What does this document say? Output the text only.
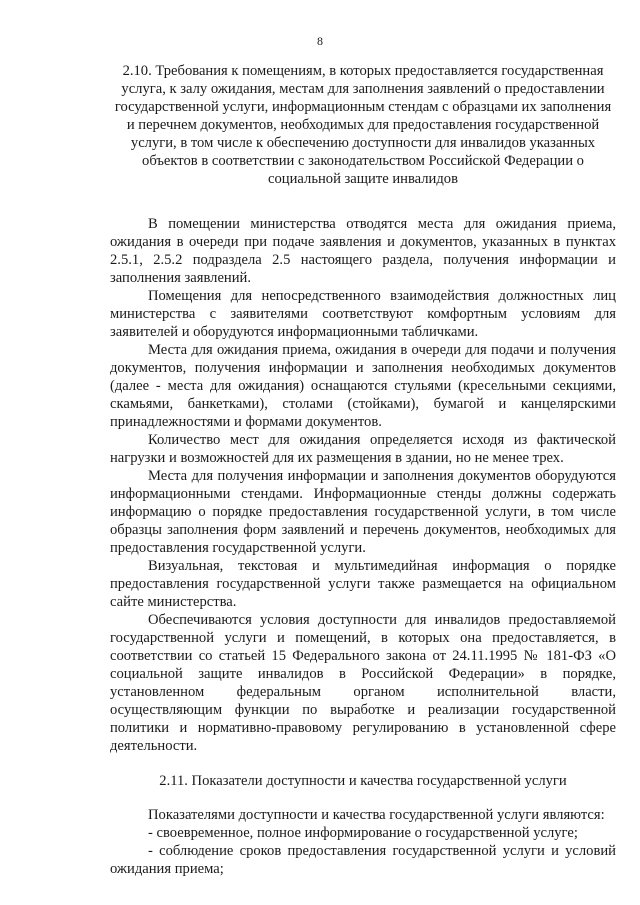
8

2.10. Требования к помещениям, в которых предоставляется государственная услуга, к залу ожидания, местам для заполнения заявлений о предоставлении государственной услуги, информационным стендам с образцами их заполнения и перечнем документов, необходимых для предоставления государственной услуги, в том числе к обеспечению доступности для инвалидов указанных объектов в соответствии с законодательством Российской Федерации о социальной защите инвалидов

В помещении министерства отводятся места для ожидания приема, ожидания в очереди при подаче заявления и документов, указанных в пунктах 2.5.1, 2.5.2 подраздела 2.5 настоящего раздела, получения информации и заполнения заявлений.

Помещения для непосредственного взаимодействия должностных лиц министерства с заявителями соответствуют комфортным условиям для заявителей и оборудуются информационными табличками.

Места для ожидания приема, ожидания в очереди для подачи и получения документов, получения информации и заполнения необходимых документов (далее - места для ожидания) оснащаются стульями (кресельными секциями, скамьями, банкетками), столами (стойками), бумагой и канцелярскими принадлежностями и формами документов.

Количество мест для ожидания определяется исходя из фактической нагрузки и возможностей для их размещения в здании, но не менее трех.

Места для получения информации и заполнения документов оборудуются информационными стендами. Информационные стенды должны содержать информацию о порядке предоставления государственной услуги, в том числе образцы заполнения форм заявлений и перечень документов, необходимых для предоставления государственной услуги.

Визуальная, текстовая и мультимедийная информация о порядке предоставления государственной услуги также размещается на официальном сайте министерства.

Обеспечиваются условия доступности для инвалидов предоставляемой государственной услуги и помещений, в которых она предоставляется, в соответствии со статьей 15 Федерального закона от 24.11.1995 № 181-ФЗ «О социальной защите инвалидов в Российской Федерации» в порядке, установленном федеральным органом исполнительной власти, осуществляющим функции по выработке и реализации государственной политики и нормативно-правовому регулированию в установленной сфере деятельности.

2.11. Показатели доступности и качества государственной услуги

Показателями доступности и качества государственной услуги являются:

- своевременное, полное информирование о государственной услуге;

- соблюдение сроков предоставления государственной услуги и условий ожидания приема;
